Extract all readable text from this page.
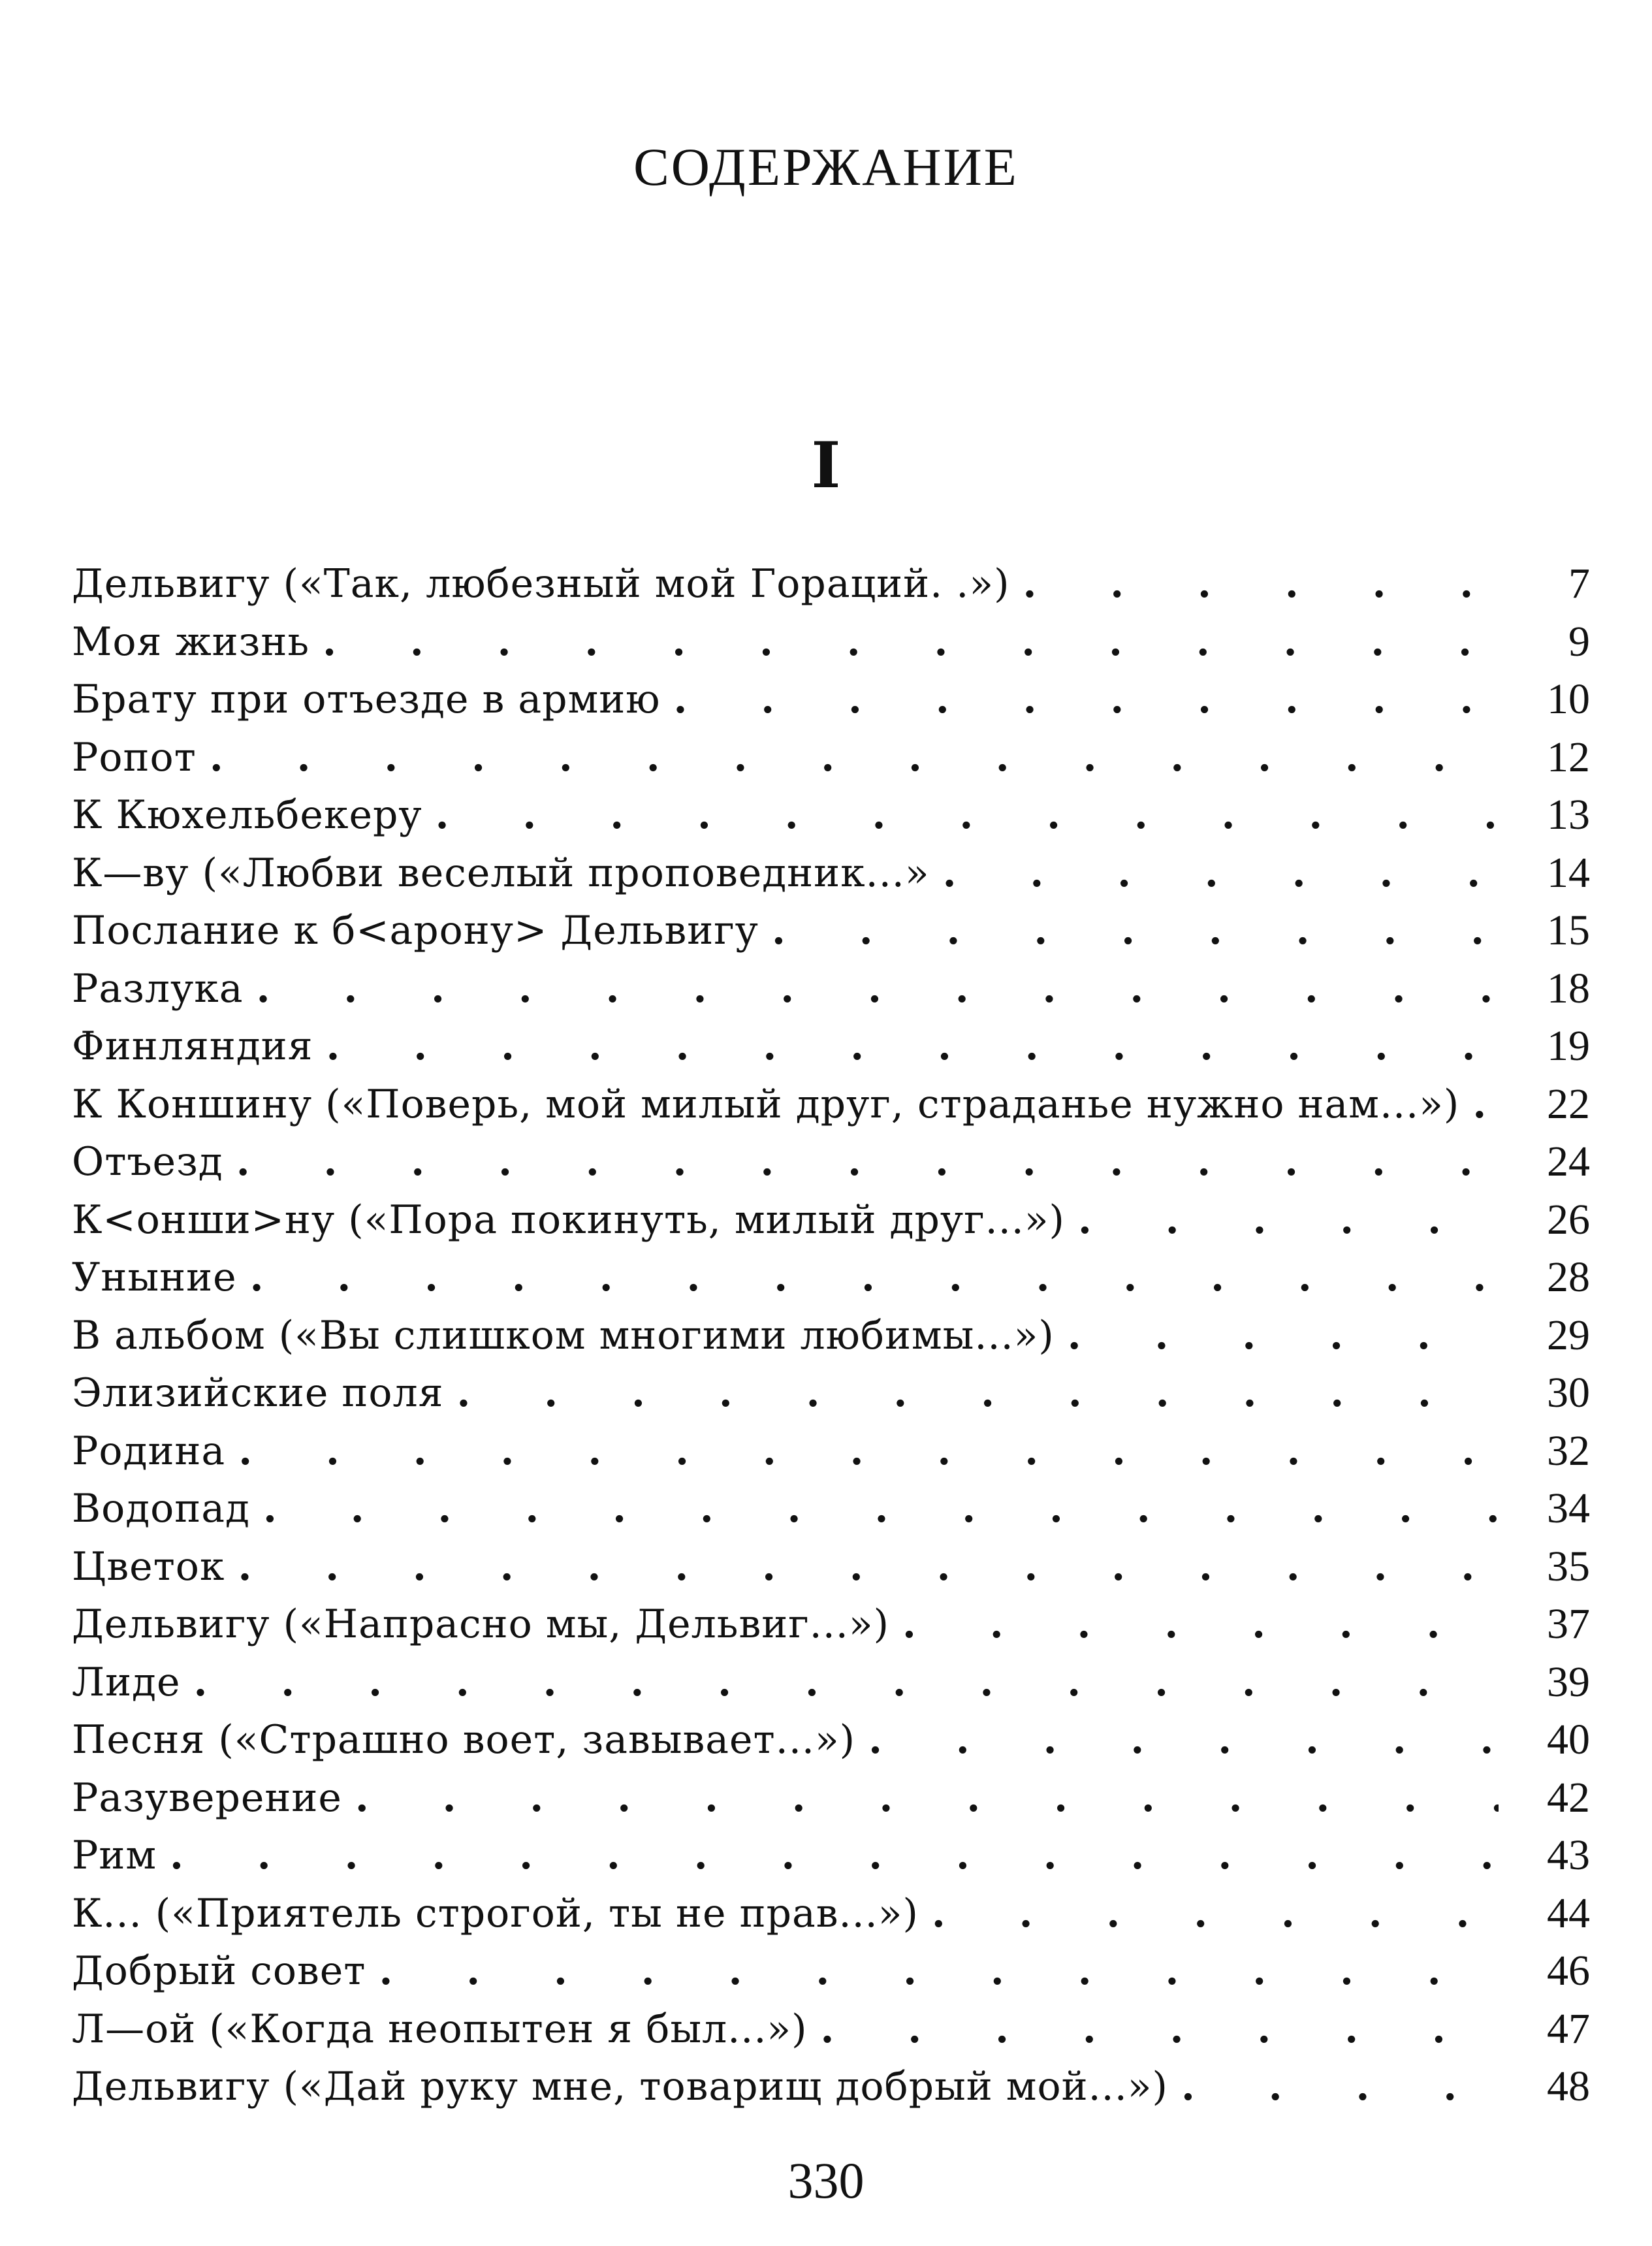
СОДЕРЖАНИЕ
I
Дельвигу («Так, любезный мой Гораций. .») . . .	7
Моя жизнь . . .	9
Брату при отъезде в армию . . .	10
Ропот . . .	12
К Кюхельбекеру . . .	13
К—ву («Любви веселый проповедник...» . . .	14
Послание к б<арону> Дельвигу . . .	15
Разлука . . .	18
Финляндия . . .	19
К Коншину («Поверь, мой милый друг, страданье нужно нам...») . . .	22
Отъезд . . .	24
К<онши>ну («Пора покинуть, милый друг...») . . .	26
Уныние . . .	28
В альбом («Вы слишком многими любимы...») . . .	29
Элизийские поля . . .	30
Родина . . .	32
Водопад . . .	34
Цветок . . .	35
Дельвигу («Напрасно мы, Дельвиг...») . . .	37
Лиде . . .	39
Песня («Страшно воет, завывает...») . . .	40
Разуверение . . .	42
Рим . . .	43
К... («Приятель строгой, ты не прав...») . . .	44
Добрый совет . . .	46
Л—ой («Когда неопытен я был...») . . .	47
Дельвигу («Дай руку мне, товарищ добрый мой...») . . .	48
330
